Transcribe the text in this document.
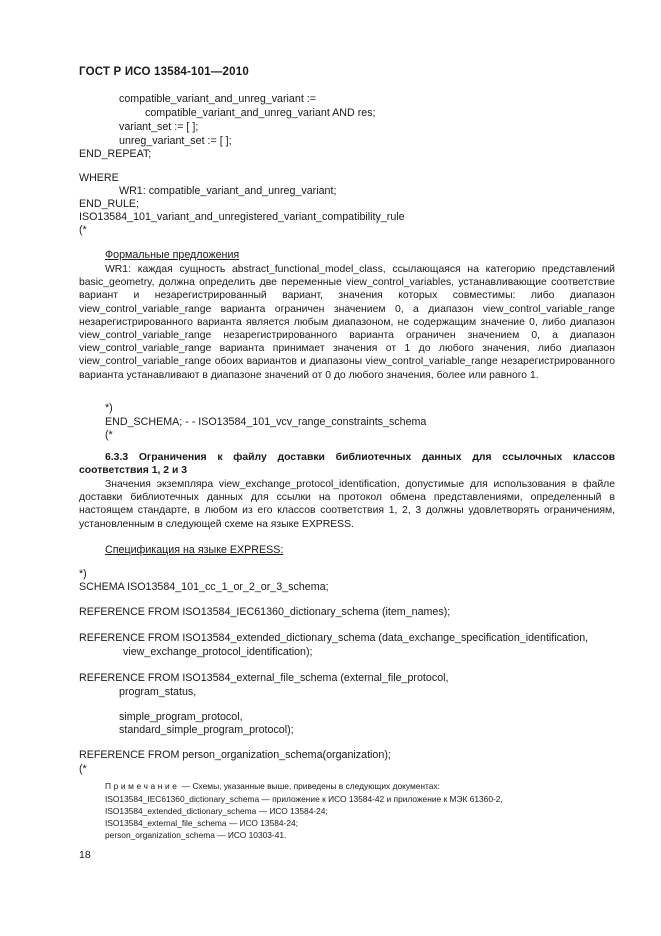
ГОСТ Р ИСО 13584-101—2010
compatible_variant_and_unreg_variant :=
compatible_variant_and_unreg_variant AND res;
variant_set := [ ];
unreg_variant_set := [ ];
END_REPEAT;
WHERE
WR1: compatible_variant_and_unreg_variant;
END_RULE;
ISO13584_101_variant_and_unregistered_variant_compatibility_rule
(*
Формальные предложения
WR1: каждая сущность abstract_functional_model_class, ссылающаяся на категорию представлений basic_geometry, должна определить две переменные view_control_variables, устанавливающие соответствие вариант и незарегистрированный вариант, значения которых совместимы: либо диапазон view_control_variable_range варианта ограничен значением 0, а диапазон view_control_variable_range незарегистрированного варианта является любым диапазоном, не содержащим значение 0, либо диапазон view_control_variable_range незарегистрированного варианта ограничен значением 0, а диапазон view_control_variable_range варианта принимает значения от 1 до любого значения, либо диапазон view_control_variable_range обоих вариантов и диапазоны view_control_variable_range незарегистрированного варианта устанавливают в диапазоне значений от 0 до любого значения, более или равного 1.
*)
END_SCHEMA; - - ISO13584_101_vcv_range_constraints_schema
(*
6.3.3 Ограничения к файлу доставки библиотечных данных для ссылочных классов соответствия 1, 2 и 3
Значения экземпляра view_exchange_protocol_identification, допустимые для использования в файле доставки библиотечных данных для ссылки на протокол обмена представлениями, определенный в настоящем стандарте, в любом из его классов соответствия 1, 2, 3 должны удовлетворять ограничениям, установленным в следующей схеме на языке EXPRESS.
Спецификация на языке EXPRESS:
*)
SCHEMA ISO13584_101_cc_1_or_2_or_3_schema;
REFERENCE FROM ISO13584_IEC61360_dictionary_schema (item_names);
REFERENCE FROM ISO13584_extended_dictionary_schema (data_exchange_specification_identification,
view_exchange_protocol_identification);
REFERENCE FROM ISO13584_external_file_schema (external_file_protocol,
program_status,
simple_program_protocol,
standard_simple_program_protocol);
REFERENCE FROM person_organization_schema(organization);
(*
Примечание — Схемы, указанные выше, приведены в следующих документах:
ISO13584_IEC61360_dictionary_schema — приложение к ИСО 13584-42 и приложение к МЭК 61360-2,
ISO13584_extended_dictionary_schema — ИСО 13584-24;
ISO13584_external_file_schema — ИСО 13584-24;
person_organization_schema — ИСО 10303-41.
18
